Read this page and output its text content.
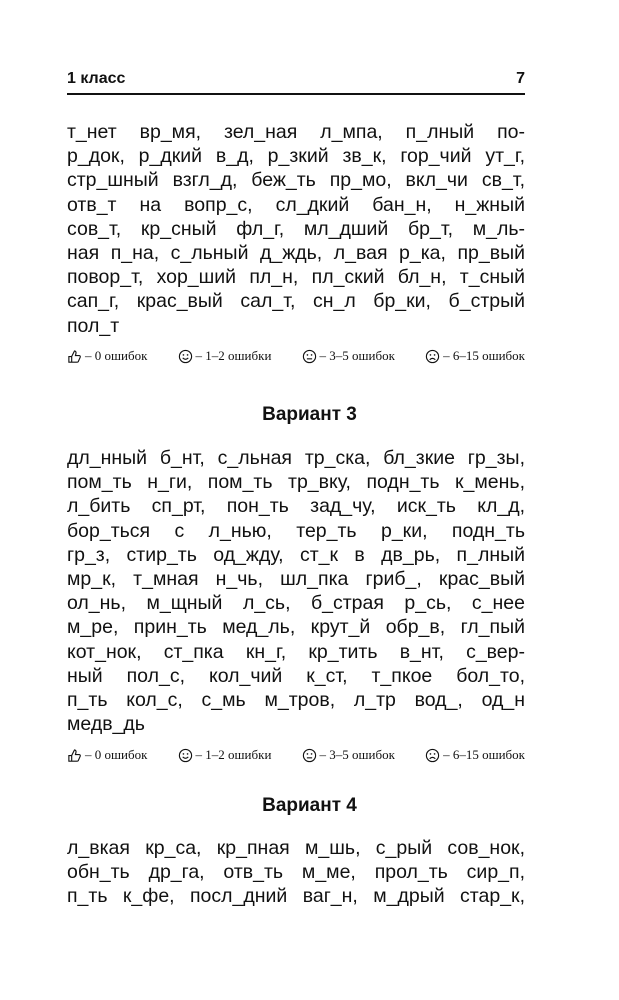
1 класс	7
т_нет вр_мя, зел_ная л_мпа, п_лный по-
р_док, р_дкий в_д, р_зкий зв_к, гор_чий ут_г,
стр_шный взгл_д, беж_ть пр_мо, вкл_чи св_т,
отв_т на вопр_с, сл_дкий бан_н, н_жный
сов_т, кр_сный фл_г, мл_дший бр_т, м_ль-
ная п_на, с_льный д_ждь, л_вая р_ка, пр_вый
повор_т, хор_ший пл_н, пл_ский бл_н, т_сный
сап_г, крас_вый сал_т, сн_л бр_ки, б_стрый
пол_т
– 0 ошибок	– 1–2 ошибки	– 3–5 ошибок	– 6–15 ошибок
Вариант 3
дл_нный б_нт, с_льная тр_ска, бл_зкие гр_зы,
пом_ть н_ги, пом_ть тр_вку, подн_ть к_мень,
л_бить сп_рт, пон_ть зад_чу, иск_ть кл_д,
бор_ться с л_нью, тер_ть р_ки, подн_ть
гр_з, стир_ть од_жду, ст_к в дв_рь, п_лный
мр_к, т_мная н_чь, шл_пка гриб_, крас_вый
ол_нь, м_щный л_сь, б_страя р_сь, с_нее
м_ре, прин_ть мед_ль, крут_й обр_в, гл_пый
кот_нок, ст_пка кн_г, кр_тить в_нт, с_вер-
ный пол_с, кол_чий к_ст, т_пкое бол_то,
п_ть кол_с, с_мь м_тров, л_тр вод_, од_н
медв_дь
– 0 ошибок	– 1–2 ошибки	– 3–5 ошибок	– 6–15 ошибок
Вариант 4
л_вкая кр_са, кр_пная м_шь, с_рый сов_нок,
обн_ть др_га, отв_ть м_ме, прол_ть сир_п,
п_ть к_фе, посл_дний ваг_н, м_дрый стар_к,
